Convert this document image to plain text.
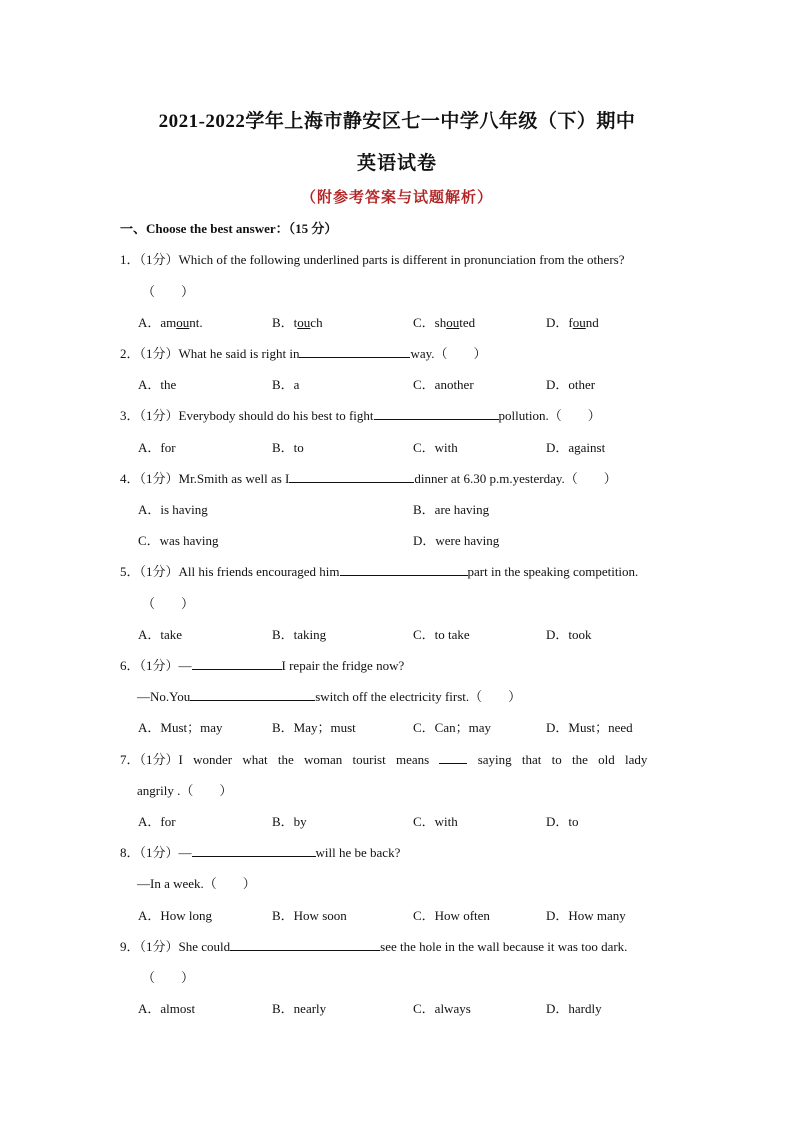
2021-2022学年上海市静安区七一中学八年级（下）期中
英语试卷
（附参考答案与试题解析）
一、Choose the best answer：（15 分）
1．（1分）Which of the following underlined parts is different in pronunciation from the others?
（　　）
A．amount.	B．touch	C．shouted	D．found
2．（1分）What he said is right in	way.（　　）
A．the	B．a	C．another	D．other
3．（1分）Everybody should do his best to fight	pollution.（　　）
A．for	B．to	C．with	D．against
4．（1分）Mr.Smith as well as I	dinner at 6.30 p.m.yesterday.（　　）
A．is having	B．are having
C．was having	D．were having
5．（1分）All his friends encouraged him	part in the speaking competition.
（　　）
A．take	B．taking	C．to take	D．took
6．（1分）—	I repair the fridge now?
—No.You	switch off the electricity first.（　　）
A．Must；may	B．May；must	C．Can；may	D．Must；need
7．（1分）I wonder what the woman tourist means	saying that to the old lady
angrily .（　　）
A．for	B．by	C．with	D．to
8．（1分）—	will he be back?
—In a week.（　　）
A．How long	B．How soon	C．How often	D．How many
9．（1分）She could	see the hole in the wall because it was too dark.
（　　）
A．almost	B．nearly	C．always	D．hardly
